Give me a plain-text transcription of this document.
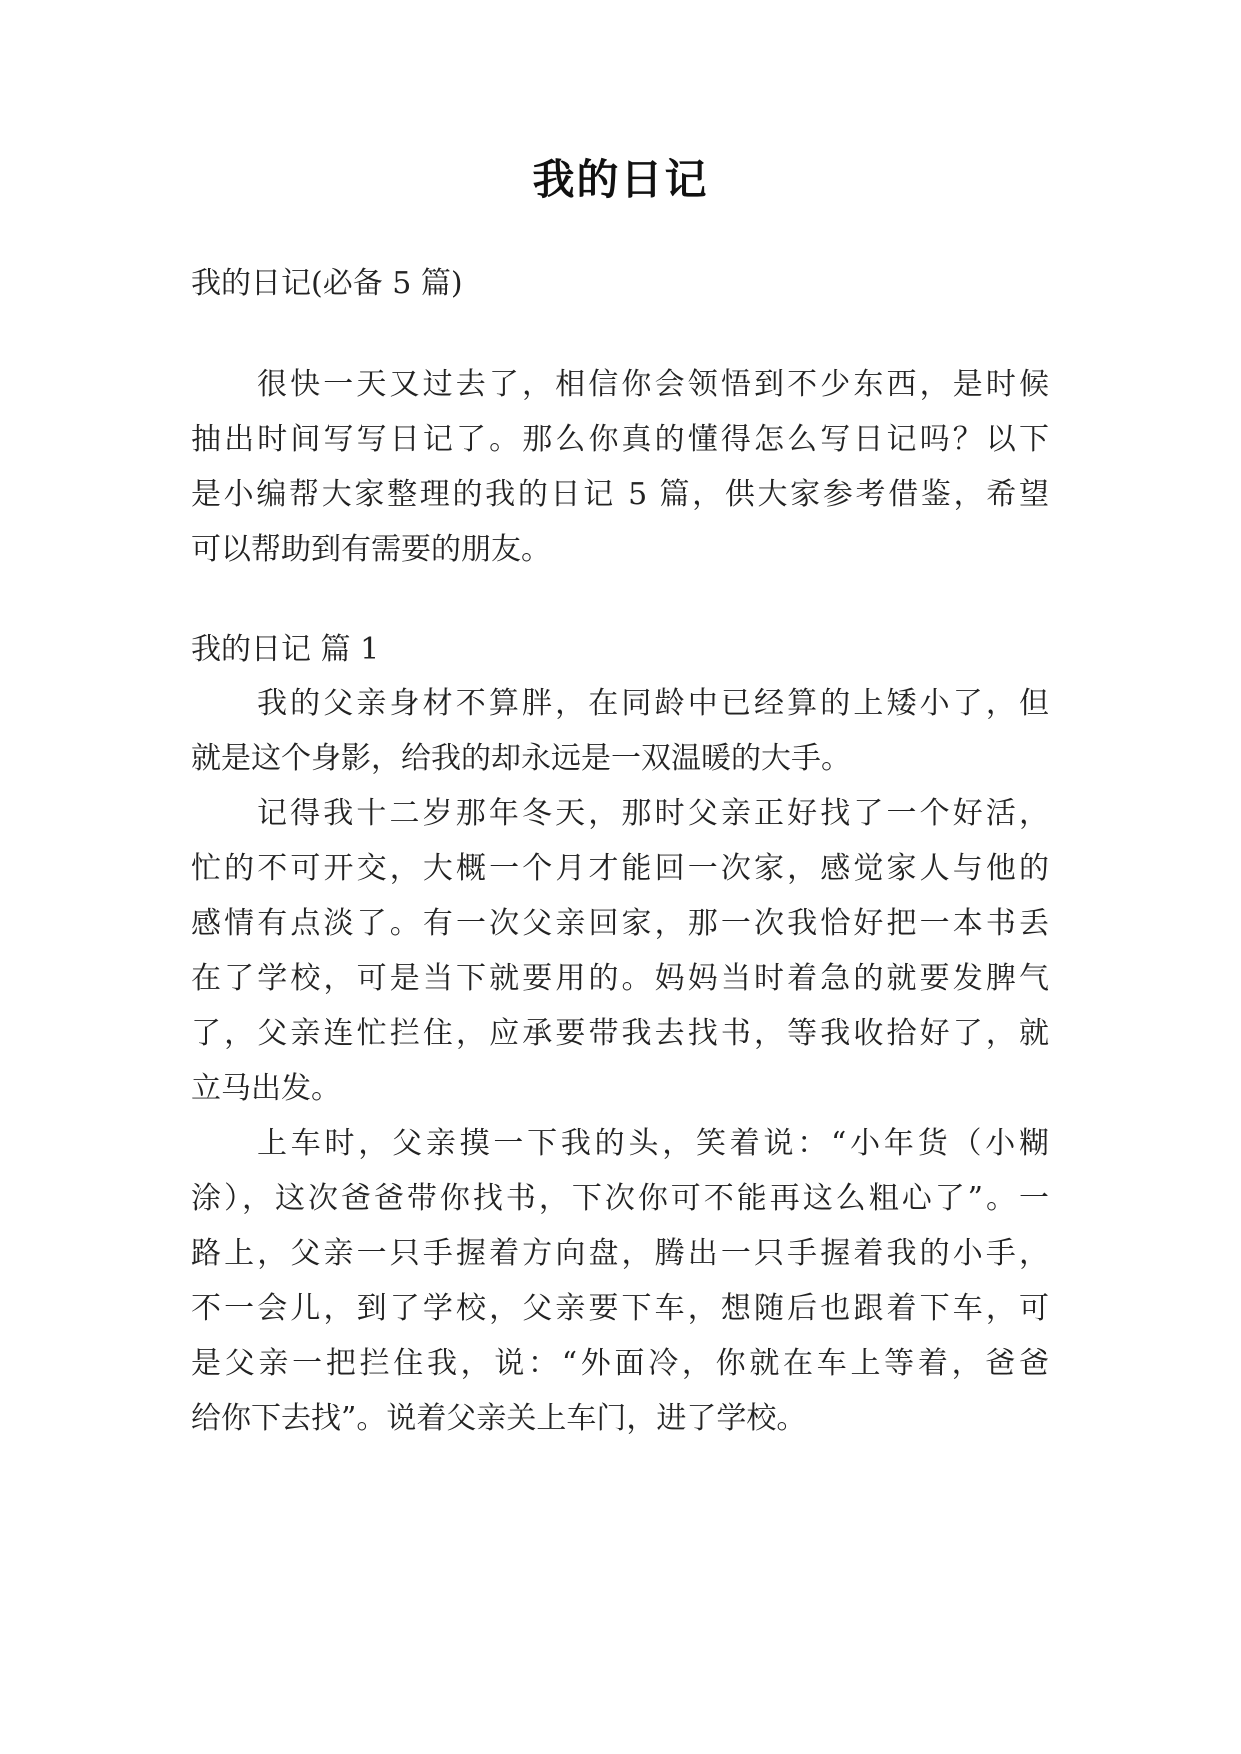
我的日记
我的日记(必备 5 篇)
很快一天又过去了，相信你会领悟到不少东西，是时候
抽出时间写写日记了。那么你真的懂得怎么写日记吗？以下
是小编帮大家整理的我的日记 5 篇，供大家参考借鉴，希望
可以帮助到有需要的朋友。
我的日记 篇 1
我的父亲身材不算胖，在同龄中已经算的上矮小了，但
就是这个身影，给我的却永远是一双温暖的大手。
记得我十二岁那年冬天，那时父亲正好找了一个好活，
忙的不可开交，大概一个月才能回一次家，感觉家人与他的
感情有点淡了。有一次父亲回家，那一次我恰好把一本书丢
在了学校，可是当下就要用的。妈妈当时着急的就要发脾气
了，父亲连忙拦住，应承要带我去找书，等我收拾好了，就
立马出发。
上车时，父亲摸一下我的头，笑着说：“小年货（小糊
涂），这次爸爸带你找书，下次你可不能再这么粗心了”。一
路上，父亲一只手握着方向盘，腾出一只手握着我的小手，
不一会儿，到了学校，父亲要下车，想随后也跟着下车，可
是父亲一把拦住我，说：“外面冷，你就在车上等着，爸爸
给你下去找”。说着父亲关上车门，进了学校。
